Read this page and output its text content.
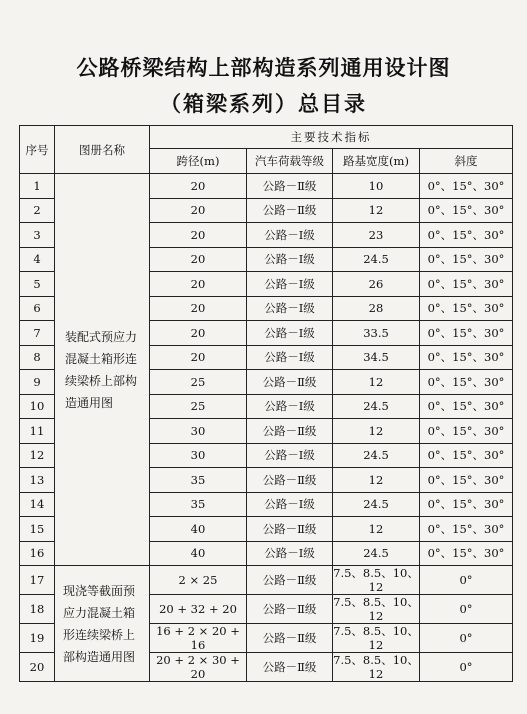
公路桥梁结构上部构造系列通用设计图
（箱梁系列）总目录
序号	图册名称	主要技术指标			
		跨径(m)	汽车荷载等级	路基宽度(m)	斜度
1	装配式预应力混凝土箱形连续梁桥上部构造通用图	20	公路－Ⅱ级	10	0°、15°、30°
2		20	公路－Ⅱ级	12	0°、15°、30°
3		20	公路－Ⅰ级	23	0°、15°、30°
4		20	公路－Ⅰ级	24.5	0°、15°、30°
5		20	公路－Ⅰ级	26	0°、15°、30°
6		20	公路－Ⅰ级	28	0°、15°、30°
7		20	公路－Ⅰ级	33.5	0°、15°、30°
8		20	公路－Ⅰ级	34.5	0°、15°、30°
9		25	公路－Ⅱ级	12	0°、15°、30°
10		25	公路－Ⅰ级	24.5	0°、15°、30°
11		30	公路－Ⅱ级	12	0°、15°、30°
12		30	公路－Ⅰ级	24.5	0°、15°、30°
13		35	公路－Ⅱ级	12	0°、15°、30°
14		35	公路－Ⅰ级	24.5	0°、15°、30°
15		40	公路－Ⅱ级	12	0°、15°、30°
16		40	公路－Ⅰ级	24.5	0°、15°、30°
17	现浇等截面预应力混凝土箱形连续梁桥上部构造通用图	2 × 25	公路－Ⅱ级	7.5、8.5、10、12	0°
18		20 + 32 + 20	公路－Ⅱ级	7.5、8.5、10、12	0°
19		16 + 2 × 20 + 16	公路－Ⅱ级	7.5、8.5、10、12	0°
20		20 + 2 × 30 + 20	公路－Ⅱ级	7.5、8.5、10、12	0°
